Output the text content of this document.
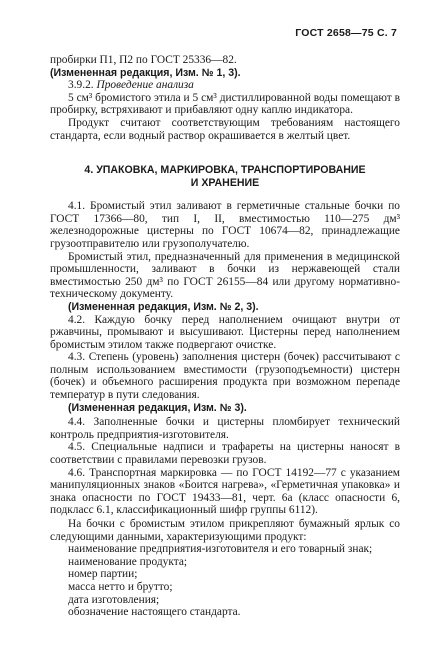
ГОСТ 2658—75 С. 7

пробирки П1, П2 по ГОСТ 25336—82.

(Измененная редакция, Изм. № 1, 3).

3.9.2. Проведение анализа

5 см³ бромистого этила и 5 см³ дистиллированной воды помещают в пробирку, встряхивают и прибавляют одну каплю индикатора.

Продукт считают соответствующим требованиям настоящего стандарта, если водный раствор окрашивается в желтый цвет.

4. УПАКОВКА, МАРКИРОВКА, ТРАНСПОРТИРОВАНИЕ
И ХРАНЕНИЕ

4.1. Бромистый этил заливают в герметичные стальные бочки по ГОСТ 17366—80, тип I, II, вместимостью 110—275 дм³ железнодорожные цистерны по ГОСТ 10674—82, принадлежащие грузоотправителю или грузополучателю.

Бромистый этил, предназначенный для применения в медицинской промышленности, заливают в бочки из нержавеющей стали вместимостью 250 дм³ по ГОСТ 26155—84 или другому нормативно-техническому документу.

(Измененная редакция, Изм. № 2, 3).

4.2. Каждую бочку перед наполнением очищают внутри от ржавчины, промывают и высушивают. Цистерны перед наполнением бромистым этилом также подвергают очистке.

4.3. Степень (уровень) заполнения цистерн (бочек) рассчитывают с полным использованием вместимости (грузоподъемности) цистерн (бочек) и объемного расширения продукта при возможном перепаде температур в пути следования.

(Измененная редакция, Изм. № 3).

4.4. Заполненные бочки и цистерны пломбирует технический контроль предприятия-изготовителя.

4.5. Специальные надписи и трафареты на цистерны наносят в соответствии с правилами перевозки грузов.

4.6. Транспортная маркировка — по ГОСТ 14192—77 с указанием манипуляционных знаков «Боится нагрева», «Герметичная упаковка» и знака опасности по ГОСТ 19433—81, черт. 6а (класс опасности 6, подкласс 6.1, классификационный шифр группы 6112).

На бочки с бромистым этилом прикрепляют бумажный ярлык со следующими данными, характеризующими продукт:

наименование предприятия-изготовителя и его товарный знак;

наименование продукта;

номер партии;

масса нетто и брутто;

дата изготовления;

обозначение настоящего стандарта.
